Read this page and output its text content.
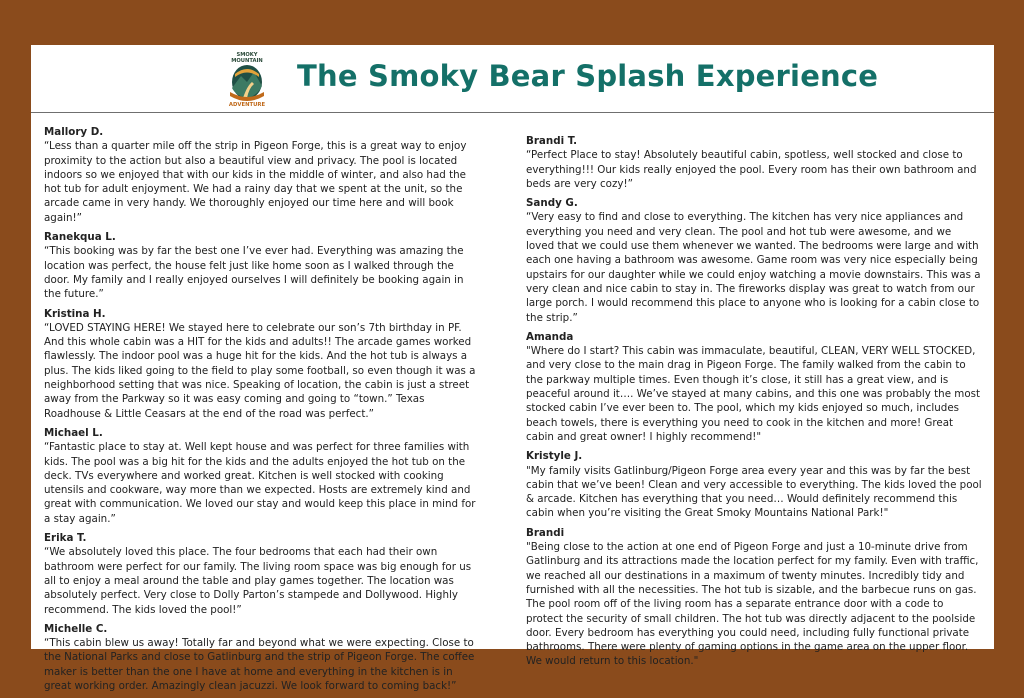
SMOKY
MOUNTAIN
ADVENTURE
The Smoky Bear Splash Experience
Mallory D.
“Less than a quarter mile off the strip in Pigeon Forge, this is a great way to enjoy proximity to the action but also a beautiful view and privacy. The pool is located indoors so we enjoyed that with our kids in the middle of winter, and also had the hot tub for adult enjoyment. We had a rainy day that we spent at the unit, so the arcade came in very handy. We thoroughly enjoyed our time here and will book again!”
Ranekqua L.
“This booking was by far the best one I’ve ever had. Everything was amazing the location was perfect, the house felt just like home soon as I walked through the door. My family and I really enjoyed ourselves I will definitely be booking again in the future.”
Kristina H.
“LOVED STAYING HERE! We stayed here to celebrate our son’s 7th birthday in PF. And this whole cabin was a HIT for the kids and adults!! The arcade games worked flawlessly. The indoor pool was a huge hit for the kids. And the hot tub is always a plus. The kids liked going to the field to play some football, so even though it was a neighborhood setting that was nice. Speaking of location, the cabin is just a street away from the Parkway so it was easy coming and going to “town.” Texas Roadhouse & Little Ceasars at the end of the road was perfect.”
Michael L.
“Fantastic place to stay at. Well kept house and was perfect for three families with kids. The pool was a big hit for the kids and the adults enjoyed the hot tub on the deck. TVs everywhere and worked great. Kitchen is well stocked with cooking utensils and cookware, way more than we expected. Hosts are extremely kind and great with communication. We loved our stay and would keep this place in mind for a stay again.”
Erika T.
“We absolutely loved this place. The four bedrooms that each had their own bathroom were perfect for our family. The living room space was big enough for us all to enjoy a meal around the table and play games together. The location was absolutely perfect. Very close to Dolly Parton’s stampede and Dollywood. Highly recommend. The kids loved the pool!”
Michelle C.
“This cabin blew us away! Totally far and beyond what we were expecting. Close to the National Parks and close to Gatlinburg and the strip of Pigeon Forge. The coffee maker is better than the one I have at home and everything in the kitchen is in great working order. Amazingly clean jacuzzi. We look forward to coming back!”
Brandi T.
“Perfect Place to stay! Absolutely beautiful cabin, spotless, well stocked and close to everything!!! Our kids really enjoyed the pool. Every room has their own bathroom and beds are very cozy!”
Sandy G.
“Very easy to find and close to everything. The kitchen has very nice appliances and everything you need and very clean. The pool and hot tub were awesome, and we loved that we could use them whenever we wanted. The bedrooms were large and with each one having a bathroom was awesome. Game room was very nice especially being upstairs for our daughter while we could enjoy watching a movie downstairs. This was a very clean and nice cabin to stay in. The fireworks display was great to watch from our large porch. I would recommend this place to anyone who is looking for a cabin close to the strip.”
Amanda
"Where do I start? This cabin was immaculate, beautiful, CLEAN, VERY WELL STOCKED, and very close to the main drag in Pigeon Forge. The family walked from the cabin to the parkway multiple times. Even though it’s close, it still has a great view, and is peaceful around it…. We’ve stayed at many cabins, and this one was probably the most stocked cabin I’ve ever been to. The pool, which my kids enjoyed so much, includes beach towels, there is everything you need to cook in the kitchen and more! Great cabin and great owner! I highly recommend!"
Kristyle J.
"My family visits Gatlinburg/Pigeon Forge area every year and this was by far the best cabin that we’ve been! Clean and very accessible to everything. The kids loved the pool & arcade. Kitchen has everything that you need… Would definitely recommend this cabin when you’re visiting the Great Smoky Mountains National Park!"
Brandi
"Being close to the action at one end of Pigeon Forge and just a 10-minute drive from Gatlinburg and its attractions made the location perfect for my family. Even with traffic, we reached all our destinations in a maximum of twenty minutes. Incredibly tidy and furnished with all the necessities. The hot tub is sizable, and the barbecue runs on gas. The pool room off of the living room has a separate entrance door with a code to protect the security of small children. The hot tub was directly adjacent to the poolside door. Every bedroom has everything you could need, including fully functional private bathrooms. There were plenty of gaming options in the game area on the upper floor. We would return to this location."
